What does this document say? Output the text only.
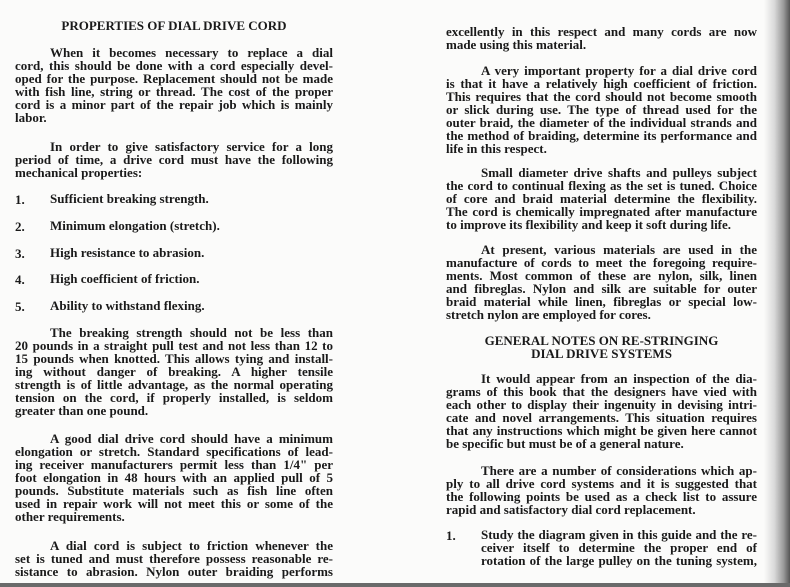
PROPERTIES OF DIAL DRIVE CORD
When it becomes necessary to replace a dial
cord, this should be done with a cord especially devel-
oped for the purpose. Replacement should not be made
with fish line, string or thread. The cost of the proper
cord is a minor part of the repair job which is mainly
labor.
In order to give satisfactory service for a long
period of time, a drive cord must have the following
mechanical properties:
1.	Sufficient breaking strength.
2.	Minimum elongation (stretch).
3.	High resistance to abrasion.
4.	High coefficient of friction.
5.	Ability to withstand flexing.
The breaking strength should not be less than
20 pounds in a straight pull test and not less than 12 to
15 pounds when knotted. This allows tying and install-
ing without danger of breaking. A higher tensile
strength is of little advantage, as the normal operating
tension on the cord, if properly installed, is seldom
greater than one pound.
A good dial drive cord should have a minimum
elongation or stretch. Standard specifications of lead-
ing receiver manufacturers permit less than 1/4" per
foot elongation in 48 hours with an applied pull of 5
pounds. Substitute materials such as fish line often
used in repair work will not meet this or some of the
other requirements.
A dial cord is subject to friction whenever the
set is tuned and must therefore possess reasonable re-
sistance to abrasion. Nylon outer braiding performs
excellently in this respect and many cords are now
made using this material.
A very important property for a dial drive cord
is that it have a relatively high coefficient of friction.
This requires that the cord should not become smooth
or slick during use. The type of thread used for the
outer braid, the diameter of the individual strands and
the method of braiding, determine its performance and
life in this respect.
Small diameter drive shafts and pulleys subject
the cord to continual flexing as the set is tuned. Choice
of core and braid material determine the flexibility.
The cord is chemically impregnated after manufacture
to improve its flexibility and keep it soft during life.
At present, various materials are used in the
manufacture of cords to meet the foregoing require-
ments. Most common of these are nylon, silk, linen
and fibreglas. Nylon and silk are suitable for outer
braid material while linen, fibreglas or special low-
stretch nylon are employed for cores.
GENERAL NOTES ON RE-STRINGING
DIAL DRIVE SYSTEMS
It would appear from an inspection of the dia-
grams of this book that the designers have vied with
each other to display their ingenuity in devising intri-
cate and novel arrangements. This situation requires
that any instructions which might be given here cannot
be specific but must be of a general nature.
There are a number of considerations which ap-
ply to all drive cord systems and it is suggested that
the following points be used as a check list to assure
rapid and satisfactory dial cord replacement.
1.	Study the diagram given in this guide and the re-
ceiver itself to determine the proper end of
rotation of the large pulley on the tuning system,
